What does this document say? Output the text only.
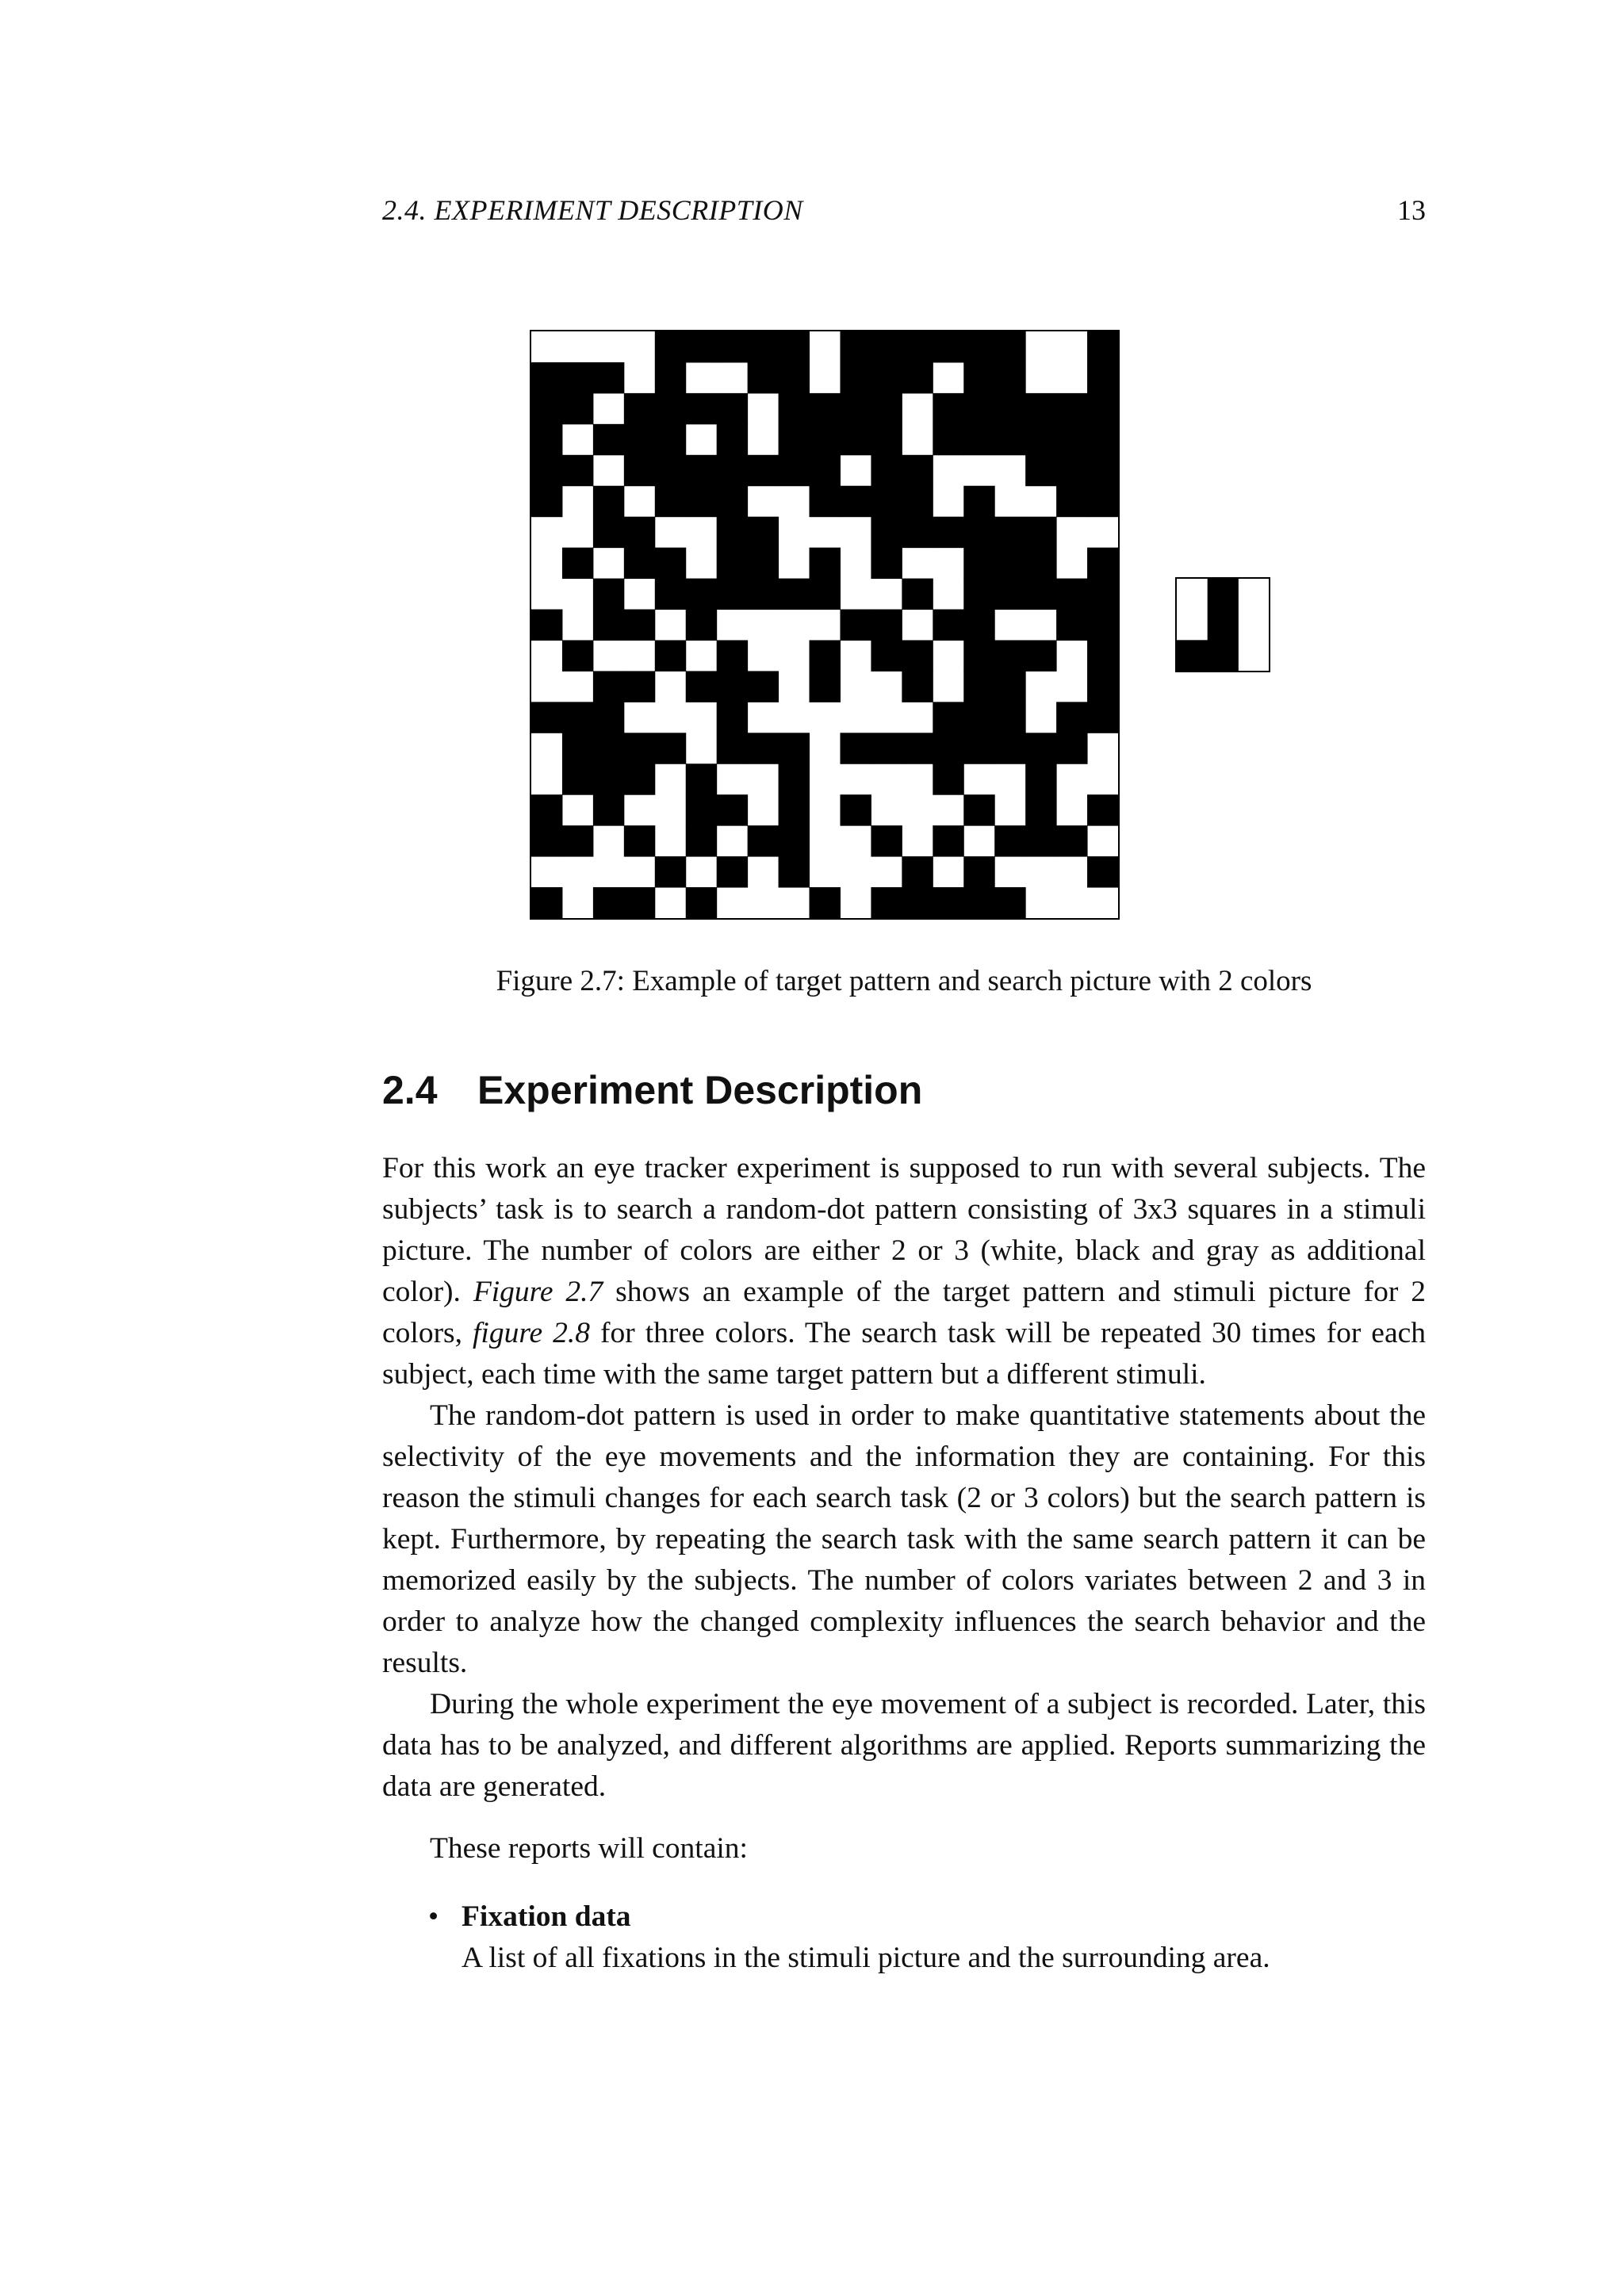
2.4. EXPERIMENT DESCRIPTION	13
Figure 2.7: Example of target pattern and search picture with 2 colors
2.4 Experiment Description

For this work an eye tracker experiment is supposed to run with several subjects. The subjects’ task is to search a random-dot pattern consisting of 3x3 squares in a stimuli picture. The number of colors are either 2 or 3 (white, black and gray as additional color). Figure 2.7 shows an example of the target pattern and stimuli picture for 2 colors, figure 2.8 for three colors. The search task will be repeated 30 times for each subject, each time with the same target pattern but a different stimuli.

The random-dot pattern is used in order to make quantitative statements about the selectivity of the eye movements and the information they are containing. For this reason the stimuli changes for each search task (2 or 3 colors) but the search pattern is kept. Furthermore, by repeating the search task with the same search pattern it can be memorized easily by the subjects. The number of colors variates between 2 and 3 in order to analyze how the changed complexity influences the search behavior and the results.

During the whole experiment the eye movement of a subject is recorded. Later, this data has to be analyzed, and different algorithms are applied. Reports summarizing the data are generated.

These reports will contain:

• Fixation data
A list of all fixations in the stimuli picture and the surrounding area.
